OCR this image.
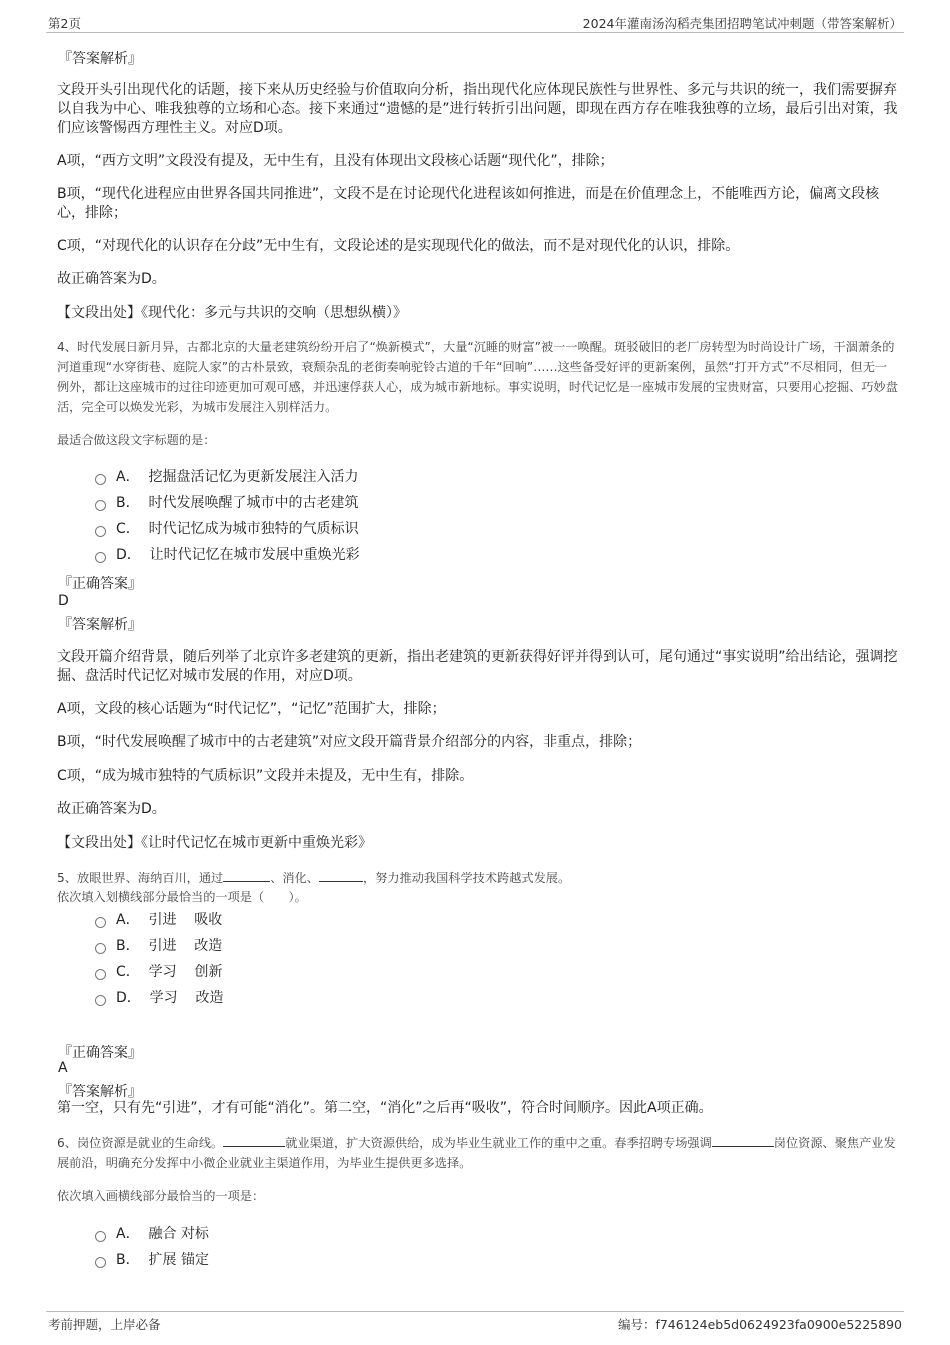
第2页	2024年灌南汤沟稻壳集团招聘笔试冲刺题（带答案解析）
『答案解析』
文段开头引出现代化的话题，接下来从历史经验与价值取向分析，指出现代化应体现民族性与世界性、多元与共识的统一，我们需要摒弃以自我为中心、唯我独尊的立场和心态。接下来通过“遗憾的是”进行转折引出问题，即现在西方存在唯我独尊的立场，最后引出对策，我们应该警惕西方理性主义。对应D项。
A项，“西方文明”文段没有提及，无中生有，且没有体现出文段核心话题“现代化”，排除；
B项，“现代化进程应由世界各国共同推进”，文段不是在讨论现代化进程该如何推进，而是在价值理念上，不能唯西方论，偏离文段核心，排除；
C项，“对现代化的认识存在分歧”无中生有，文段论述的是实现现代化的做法，而不是对现代化的认识，排除。
故正确答案为D。
【文段出处】《现代化：多元与共识的交响（思想纵横）》
4、时代发展日新月异，古都北京的大量老建筑纷纷开启了“焕新模式”，大量“沉睡的财富”被一一唤醒。斑驳破旧的老厂房转型为时尚设计广场，干涸萧条的河道重现“水穿街巷、庭院人家”的古朴景致，衰颓杂乱的老街奏响驼铃古道的千年“回响”……这些备受好评的更新案例，虽然“打开方式”不尽相同，但无一例外，都让这座城市的过往印迹更加可观可感，并迅速俘获人心，成为城市新地标。事实说明，时代记忆是一座城市发展的宝贵财富，只要用心挖掘、巧妙盘活，完全可以焕发光彩，为城市发展注入别样活力。
最适合做这段文字标题的是：
A．  挖掘盘活记忆为更新发展注入活力
B．  时代发展唤醒了城市中的古老建筑
C．  时代记忆成为城市独特的气质标识
D．  让时代记忆在城市发展中重焕光彩
『正确答案』
D
『答案解析』
文段开篇介绍背景，随后列举了北京许多老建筑的更新，指出老建筑的更新获得好评并得到认可，尾句通过“事实说明”给出结论，强调挖掘、盘活时代记忆对城市发展的作用，对应D项。
A项，文段的核心话题为“时代记忆”，“记忆”范围扩大，排除；
B项，“时代发展唤醒了城市中的古老建筑”对应文段开篇背景介绍部分的内容，非重点，排除；
C项，“成为城市独特的气质标识”文段并未提及，无中生有，排除。
故正确答案为D。
【文段出处】《让时代记忆在城市更新中重焕光彩》
5、放眼世界、海纳百川，通过	、消化、	，努力推动我国科学技术跨越式发展。
依次填入划横线部分最恰当的一项是（　　）。
A．  引进    吸收
B．  引进    改造
C．  学习    创新
D．  学习    改造
『正确答案』
A
『答案解析』
第一空，只有先“引进”，才有可能“消化”。第二空，“消化”之后再“吸收”，符合时间顺序。因此A项正确。
6、岗位资源是就业的生命线。	就业渠道，扩大资源供给，成为毕业生就业工作的重中之重。春季招聘专场强调	岗位资源、聚焦产业发展前沿，明确充分发挥中小微企业就业主渠道作用，为毕业生提供更多选择。
依次填入画横线部分最恰当的一项是：
A．  融合 对标
B．  扩展 锚定
考前押题，上岸必备	编号：f746124eb5d0624923fa0900e5225890
